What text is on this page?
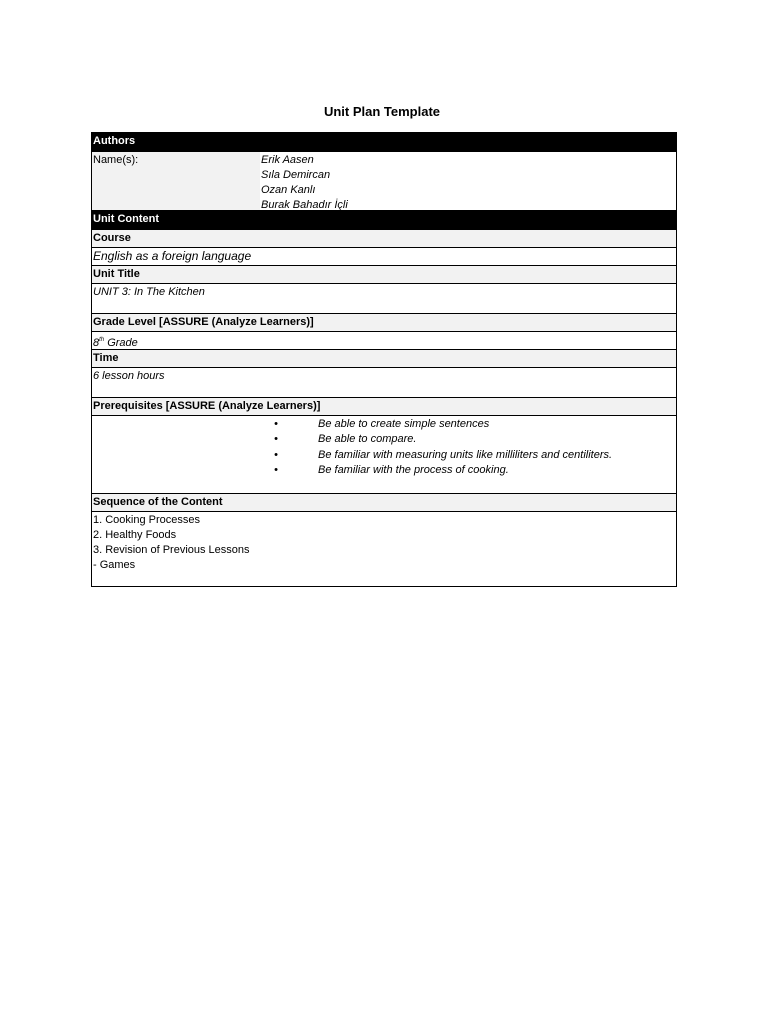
Unit Plan Template
Authors
Name(s):	Erik Aasen
Sıla Demircan
Ozan Kanlı
Burak Bahadır İçli
Unit Content
Course
English as a foreign language
Unit Title
UNIT 3: In The Kitchen
Grade Level [ASSURE (Analyze Learners)]
8th Grade
Time
6 lesson hours
Prerequisites [ASSURE (Analyze Learners)]
•	Be able to create simple sentences
•	Be able to compare.
•	Be familiar with measuring units like milliliters and centiliters.
•	Be familiar with the process of cooking.
Sequence of the Content
1. Cooking Processes
2. Healthy Foods
3. Revision of Previous Lessons
- Games
